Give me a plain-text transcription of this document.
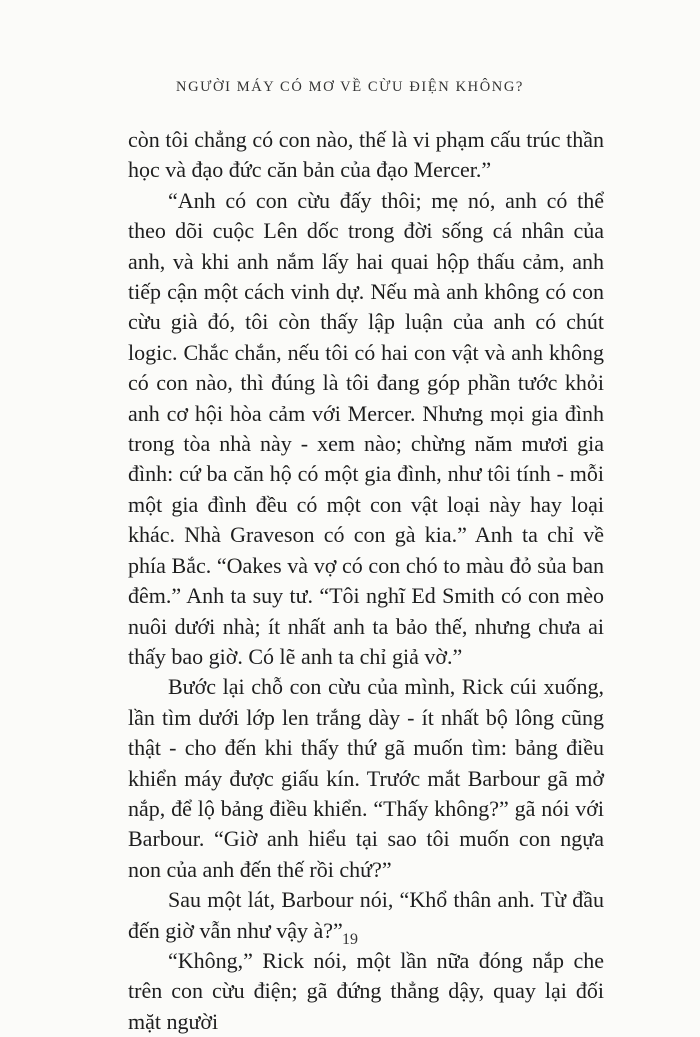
NGƯỜI MÁY CÓ MƠ VỀ CỪU ĐIỆN KHÔNG?

còn tôi chẳng có con nào, thế là vi phạm cấu trúc thần học và đạo đức căn bản của đạo Mercer.”

“Anh có con cừu đấy thôi; mẹ nó, anh có thể theo dõi cuộc Lên dốc trong đời sống cá nhân của anh, và khi anh nắm lấy hai quai hộp thấu cảm, anh tiếp cận một cách vinh dự. Nếu mà anh không có con cừu già đó, tôi còn thấy lập luận của anh có chút logic. Chắc chắn, nếu tôi có hai con vật và anh không có con nào, thì đúng là tôi đang góp phần tước khỏi anh cơ hội hòa cảm với Mercer. Nhưng mọi gia đình trong tòa nhà này - xem nào; chừng năm mươi gia đình: cứ ba căn hộ có một gia đình, như tôi tính - mỗi một gia đình đều có một con vật loại này hay loại khác. Nhà Graveson có con gà kia.” Anh ta chỉ về phía Bắc. “Oakes và vợ có con chó to màu đỏ sủa ban đêm.” Anh ta suy tư. “Tôi nghĩ Ed Smith có con mèo nuôi dưới nhà; ít nhất anh ta bảo thế, nhưng chưa ai thấy bao giờ. Có lẽ anh ta chỉ giả vờ.”

Bước lại chỗ con cừu của mình, Rick cúi xuống, lần tìm dưới lớp len trắng dày - ít nhất bộ lông cũng thật - cho đến khi thấy thứ gã muốn tìm: bảng điều khiển máy được giấu kín. Trước mắt Barbour gã mở nắp, để lộ bảng điều khiển. “Thấy không?” gã nói với Barbour. “Giờ anh hiểu tại sao tôi muốn con ngựa non của anh đến thế rồi chứ?”

Sau một lát, Barbour nói, “Khổ thân anh. Từ đầu đến giờ vẫn như vậy à?”

“Không,” Rick nói, một lần nữa đóng nắp che trên con cừu điện; gã đứng thẳng dậy, quay lại đối mặt người

19
